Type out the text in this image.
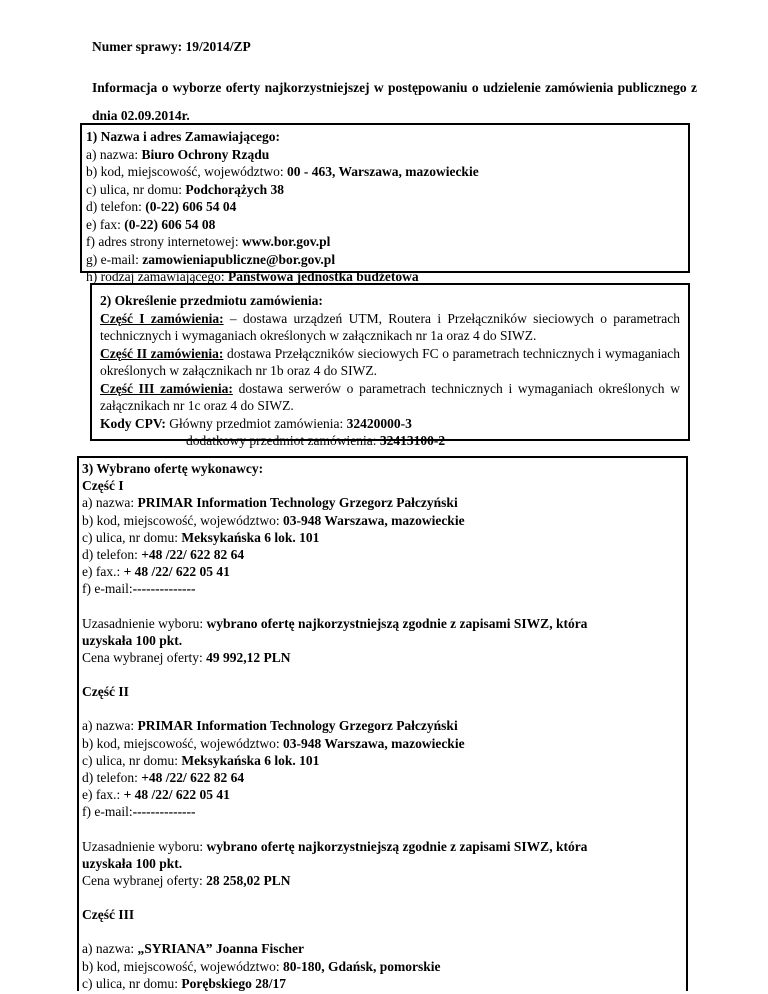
Numer sprawy: 19/2014/ZP

Informacja o wyborze oferty najkorzystniejszej w postępowaniu o udzielenie zamówienia publicznego z dnia 02.09.2014r.

1) Nazwa i adres Zamawiającego:
a) nazwa: Biuro Ochrony Rządu
b) kod, miejscowość, województwo: 00 - 463, Warszawa, mazowieckie
c) ulica, nr domu: Podchorążych 38
d) telefon: (0-22) 606 54 04
e) fax: (0-22) 606 54 08
f) adres strony internetowej: www.bor.gov.pl
g) e-mail: zamowieniapubliczne@bor.gov.pl
h) rodzaj zamawiającego: Państwowa jednostka budżetowa
2) Określenie przedmiotu zamówienia:
Część I zamówienia: – dostawa urządzeń UTM, Routera i Przełączników sieciowych o parametrach technicznych i wymaganiach określonych w załącznikach nr 1a oraz 4 do SIWZ.
Część II zamówienia: dostawa Przełączników sieciowych FC o parametrach technicznych i wymaganiach określonych w załącznikach nr 1b oraz 4 do SIWZ.
Część III zamówienia: dostawa serwerów o parametrach technicznych i wymaganiach określonych w załącznikach nr 1c oraz 4 do SIWZ.
Kody CPV: Główny przedmiot zamówienia: 32420000-3
dodatkowy przedmiot zamówienia: 32413100-2
3) Wybrano ofertę wykonawcy:
Część I
a) nazwa: PRIMAR Information Technology Grzegorz Pałczyński
b) kod, miejscowość, województwo: 03-948 Warszawa, mazowieckie
c) ulica, nr domu: Meksykańska 6 lok. 101
d) telefon: +48 /22/ 622 82 64
e) fax.: + 48 /22/ 622 05 41
f) e-mail:--------------
Uzasadnienie wyboru: wybrano ofertę najkorzystniejszą zgodnie z zapisami SIWZ, która
uzyskała 100 pkt.
Cena wybranej oferty: 49 992,12 PLN
Część II
a) nazwa: PRIMAR Information Technology Grzegorz Pałczyński
b) kod, miejscowość, województwo: 03-948 Warszawa, mazowieckie
c) ulica, nr domu: Meksykańska 6 lok. 101
d) telefon: +48 /22/ 622 82 64
e) fax.: + 48 /22/ 622 05 41
f) e-mail:--------------
Uzasadnienie wyboru: wybrano ofertę najkorzystniejszą zgodnie z zapisami SIWZ, która
uzyskała 100 pkt.
Cena wybranej oferty: 28 258,02 PLN
Część III
a) nazwa: „SYRIANA” Joanna Fischer
b) kod, miejscowość, województwo: 80-180, Gdańsk, pomorskie
c) ulica, nr domu: Porębskiego 28/17
